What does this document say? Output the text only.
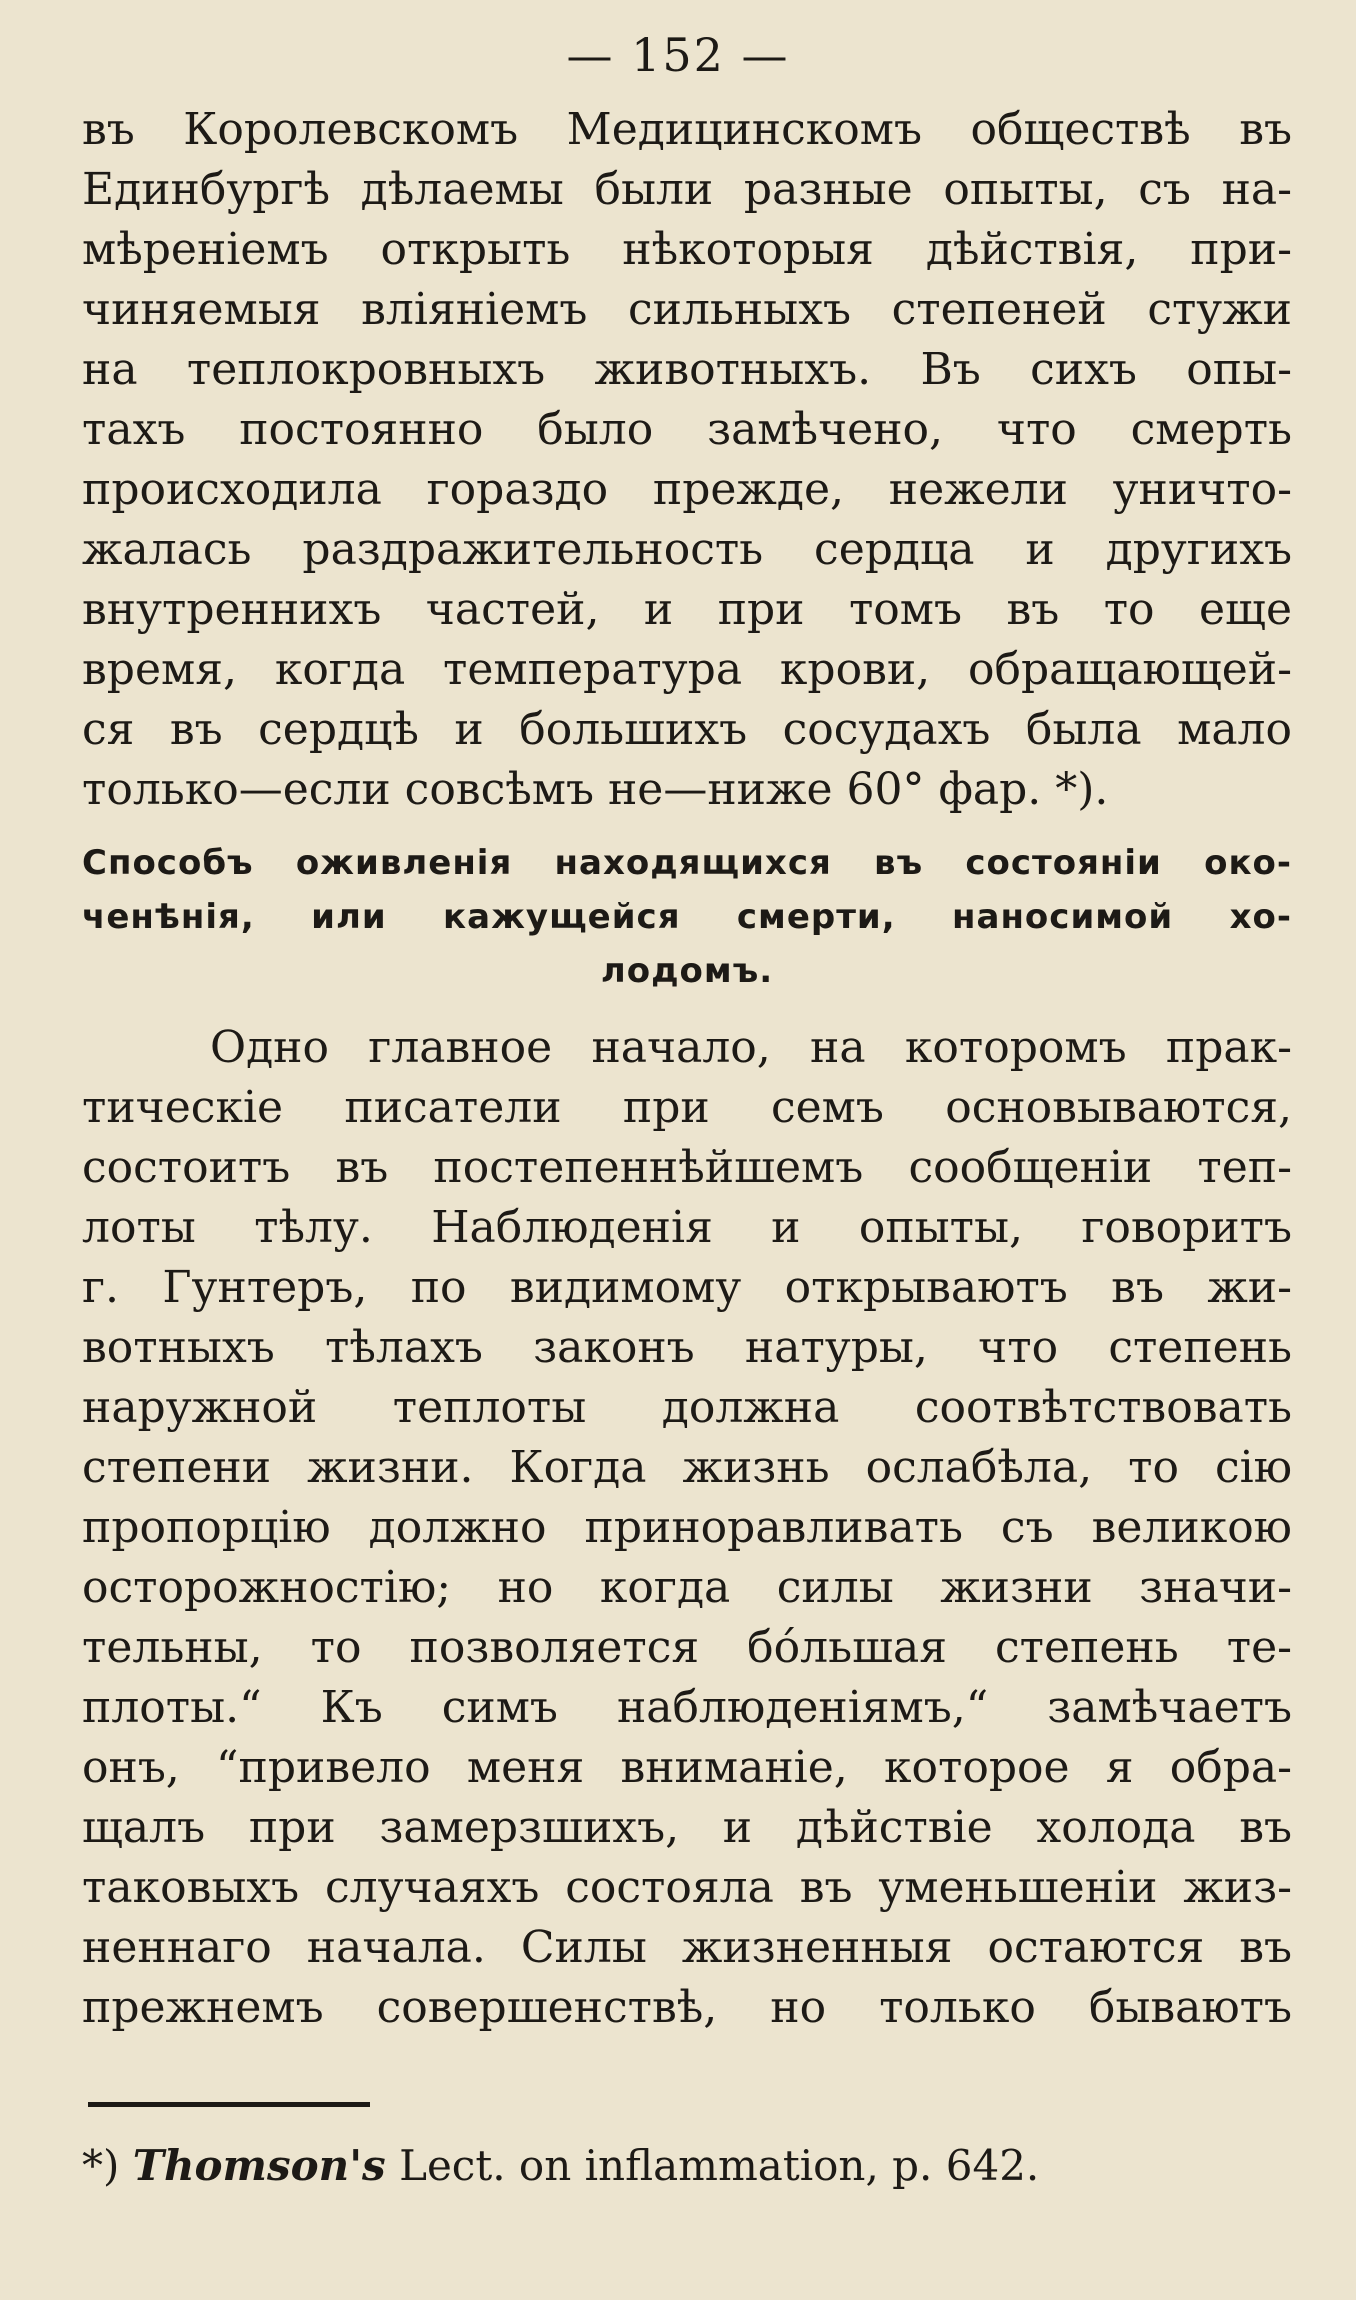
— 152 —
въ Королевскомъ Медицинскомъ обществѣ въ
Единбургѣ дѣлаемы были разные опыты, съ на-
мѣреніемъ открыть нѣкоторыя дѣйствія, при-
чиняемыя вліяніемъ сильныхъ степеней стужи
на теплокровныхъ животныхъ. Въ сихъ опы-
тахъ постоянно было замѣчено, что смерть
происходила гораздо прежде, нежели уничто-
жалась раздражительность сердца и другихъ
внутреннихъ частей, и при томъ въ то еще
время, когда температура крови, обращающей-
ся въ сердцѣ и большихъ сосудахъ была мало
только—если совсѣмъ не—ниже 60° фар. *).
Способъ оживленія находящихся въ состояніи око-
ченѣнія, или кажущейся смерти, наносимой хо-
лодомъ.
Одно главное начало, на которомъ прак-
тическіе писатели при семъ основываются,
состоитъ въ постепеннѣйшемъ сообщеніи теп-
лоты тѣлу. Наблюденія и опыты, говоритъ
г. Гунтеръ, по видимому открываютъ въ жи-
вотныхъ тѣлахъ законъ натуры, что степень
наружной теплоты должна соотвѣтствовать
степени жизни. Когда жизнь ослабѣла, то сію
пропорцію должно приноравливать съ великою
осторожностію; но когда силы жизни значи-
тельны, то позволяется бо́льшая степень те-
плоты.“ Къ симъ наблюденіямъ,“ замѣчаетъ
онъ, “привело меня вниманіе, которое я обра-
щалъ при замерзшихъ, и дѣйствіе холода въ
таковыхъ случаяхъ состояла въ уменьшеніи жиз-
неннаго начала. Силы жизненныя остаются въ
прежнемъ совершенствѣ, но только бываютъ
*) Thomson's Lect. on inflammation, p. 642.
